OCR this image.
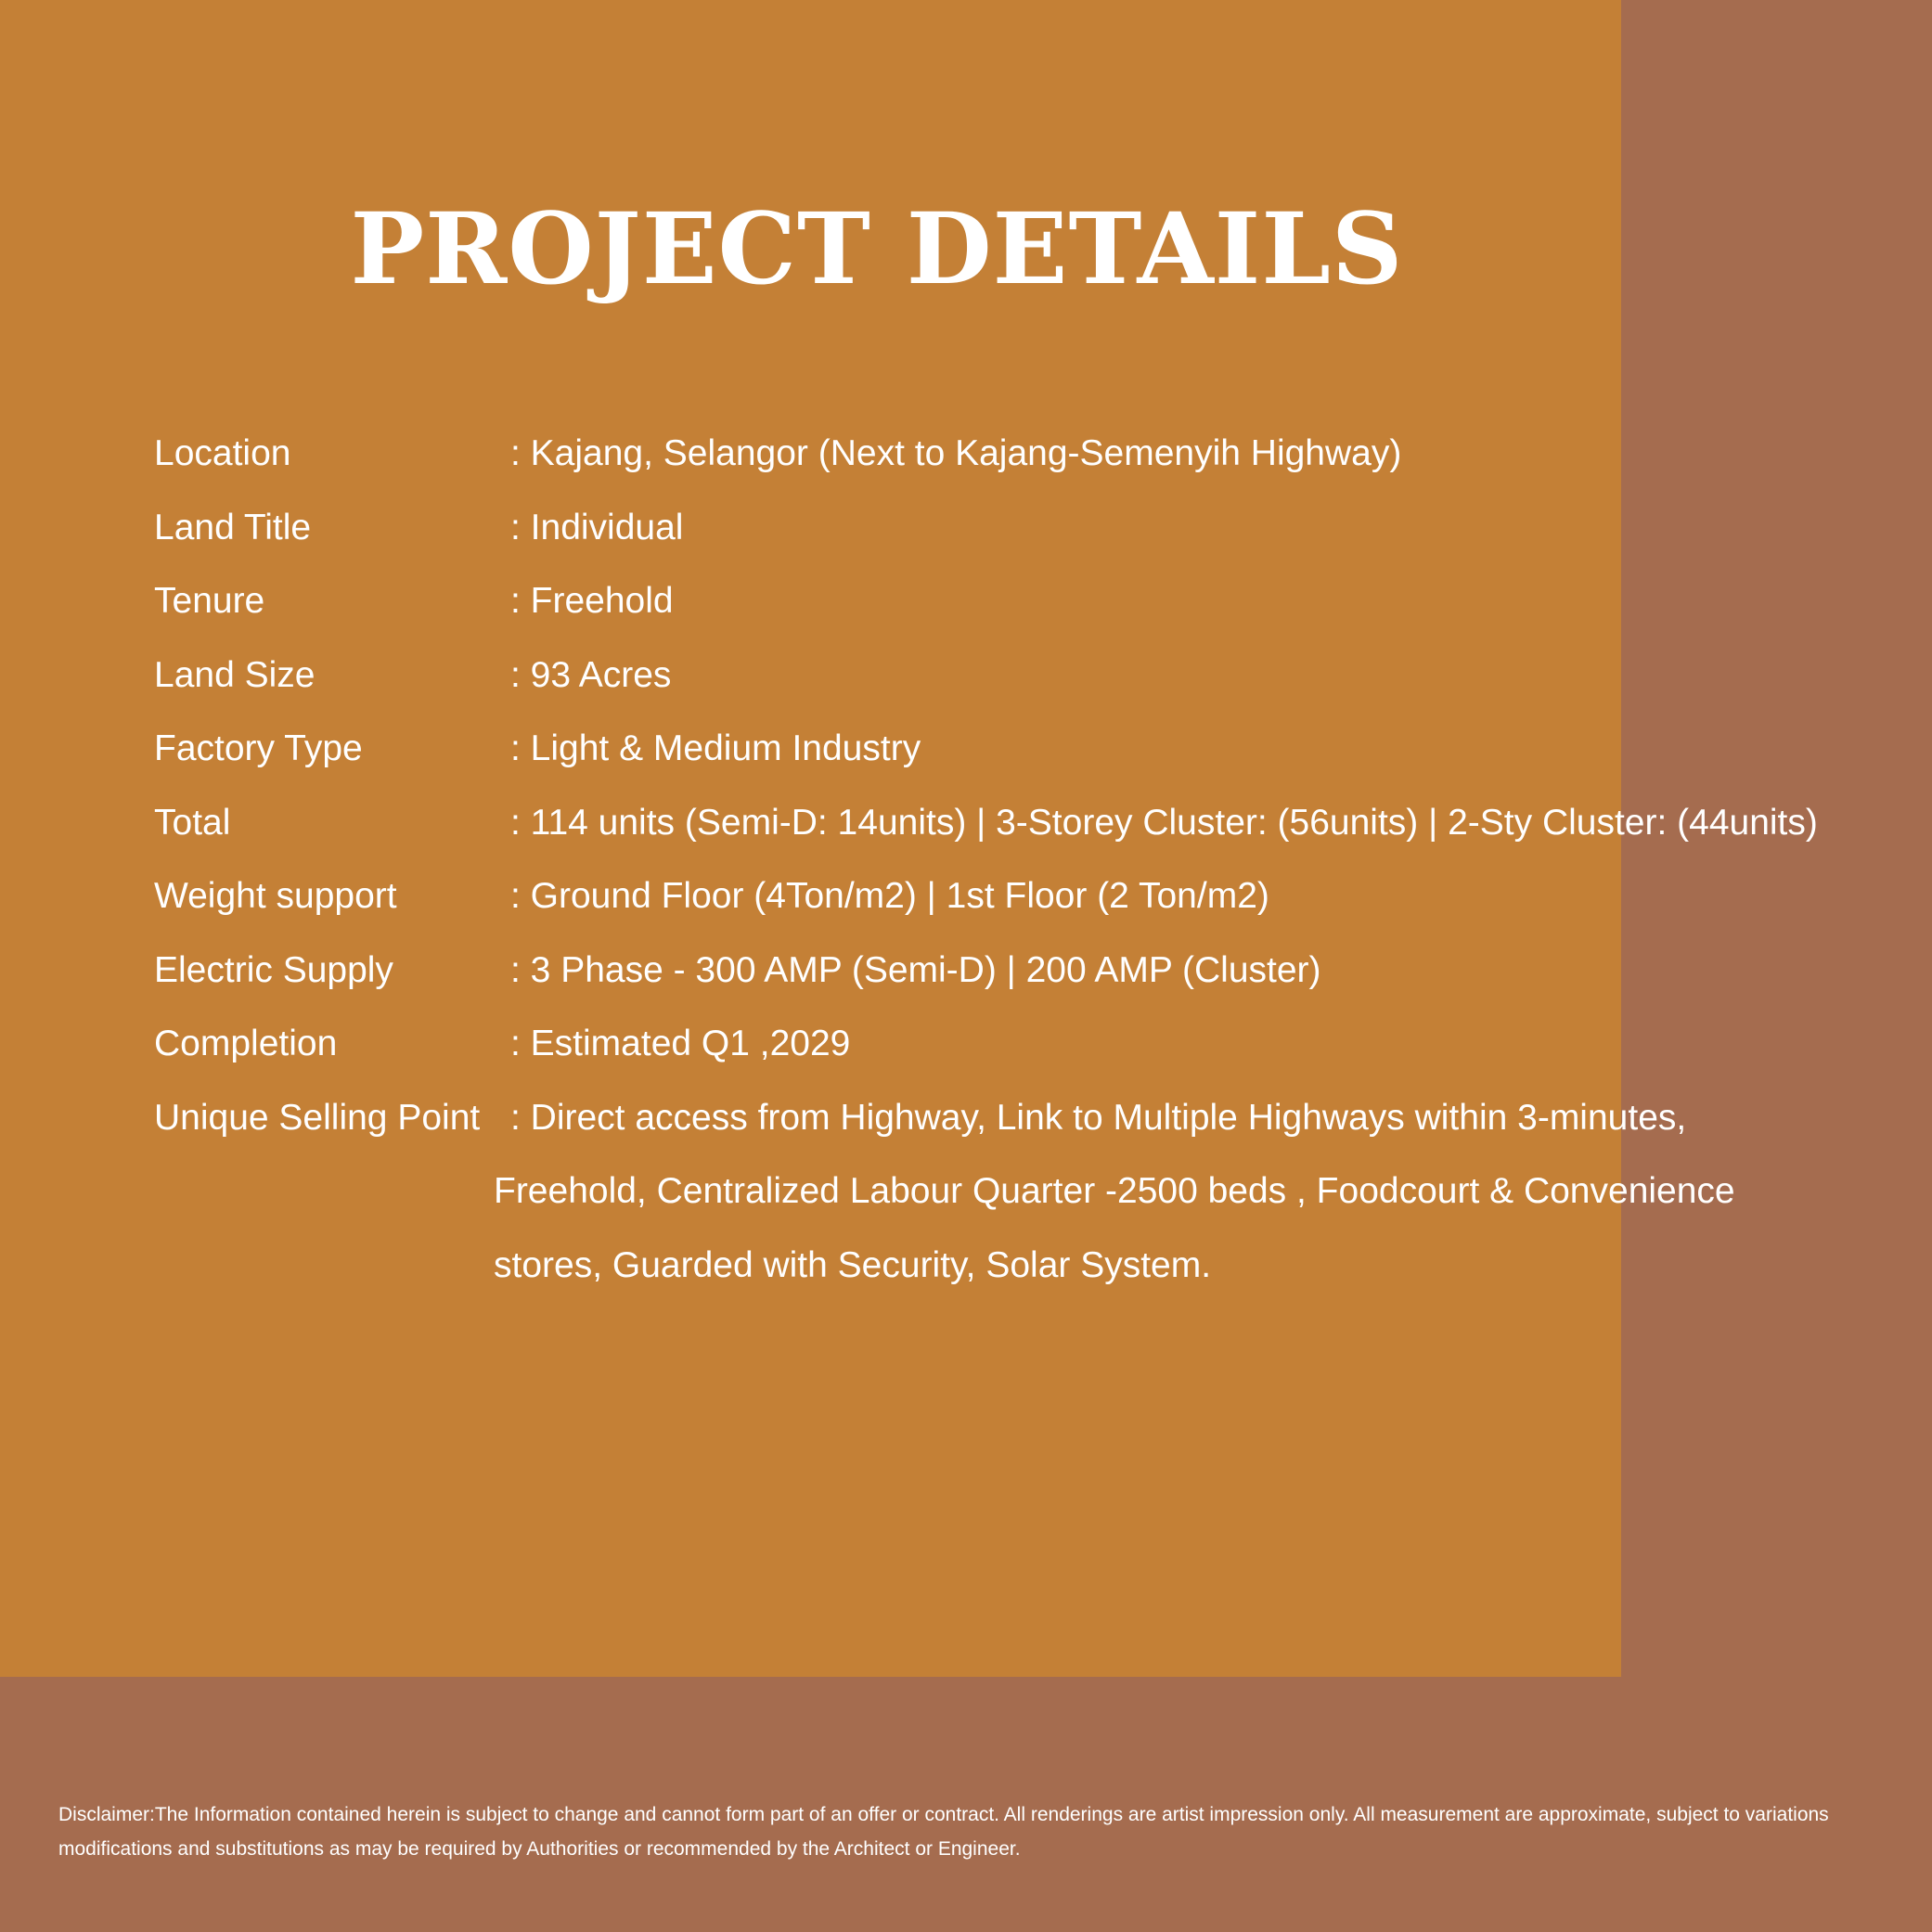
PROJECT DETAILS
Location	: Kajang, Selangor (Next to Kajang-Semenyih Highway)
Land Title	: Individual
Tenure	: Freehold
Land Size	: 93 Acres
Factory Type	: Light & Medium Industry
Total	: 114 units (Semi-D: 14units) | 3-Storey Cluster: (56units) | 2-Sty Cluster: (44units)
Weight support	: Ground Floor (4Ton/m2) | 1st Floor (2 Ton/m2)
Electric Supply	: 3 Phase - 300 AMP (Semi-D) | 200 AMP (Cluster)
Completion	: Estimated Q1 ,2029
Unique Selling Point : Direct access from Highway, Link to Multiple Highways within 3-minutes,
Freehold, Centralized Labour Quarter -2500 beds , Foodcourt & Convenience
stores, Guarded with Security, Solar System.

Disclaimer:The Information contained herein is subject to change and cannot form part of an offer or contract. All renderings are artist impression only. All measurement are approximate, subject to variations
modifications and substitutions as may be required by Authorities or recommended by the Architect or Engineer.
